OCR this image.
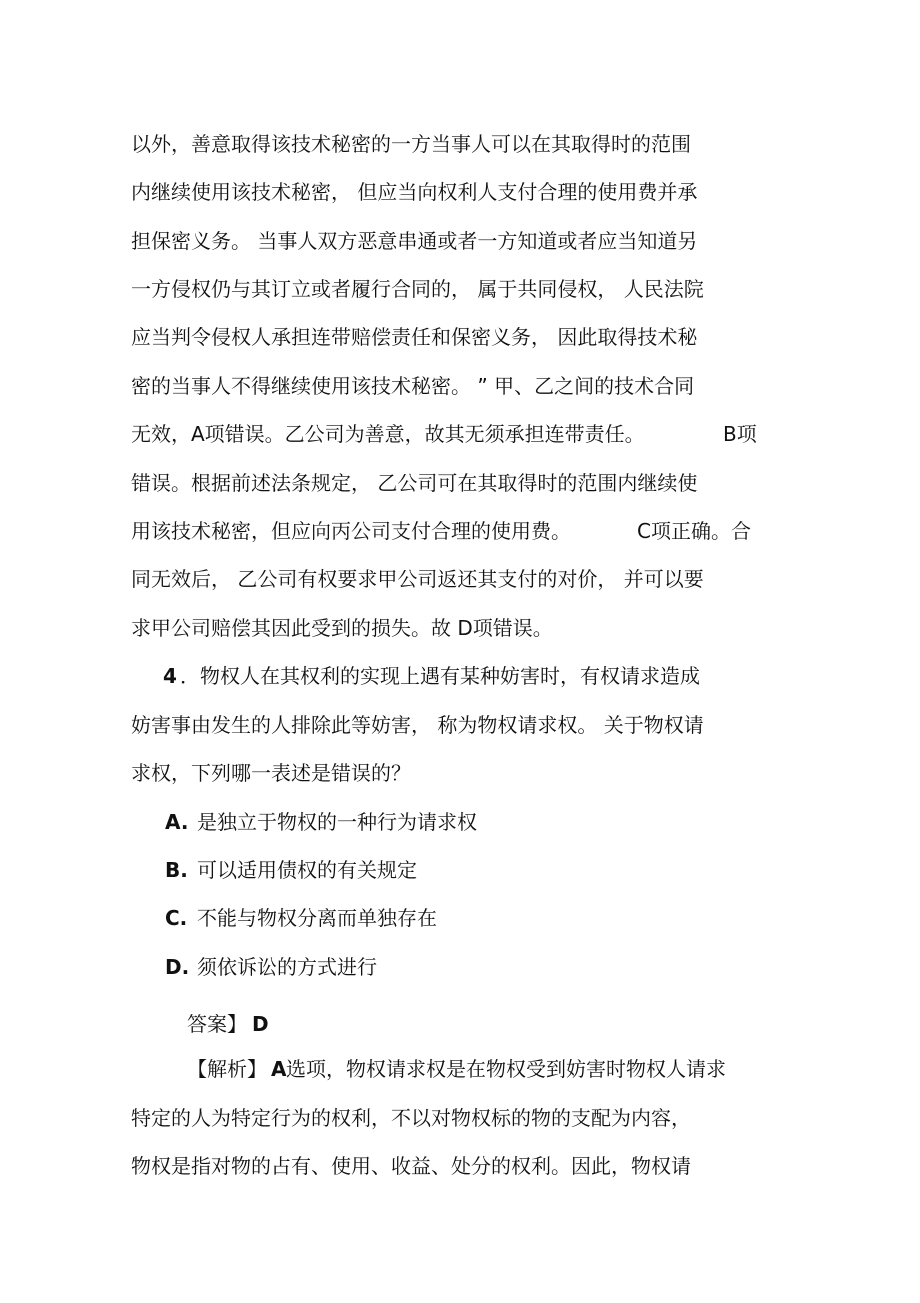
以外，善意取得该技术秘密的一方当事人可以在其取得时的范围
内继续使用该技术秘密， 但应当向权利人支付合理的使用费并承
担保密义务。 当事人双方恶意串通或者一方知道或者应当知道另
一方侵权仍与其订立或者履行合同的， 属于共同侵权， 人民法院
应当判令侵权人承担连带赔偿责任和保密义务， 因此取得技术秘
密的当事人不得继续使用该技术秘密。 ” 甲、乙之间的技术合同
无效，A项错误。乙公司为善意，故其无须承担连带责任。	B项
错误。根据前述法条规定， 乙公司可在其取得时的范围内继续使
用该技术秘密，但应向丙公司支付合理的使用费。	C项正确。合
同无效后， 乙公司有权要求甲公司返还其支付的对价， 并可以要
求甲公司赔偿其因此受到的损失。故 D项错误。
4 ．物权人在其权利的实现上遇有某种妨害时，有权请求造成
妨害事由发生的人排除此等妨害， 称为物权请求权。 关于物权请
求权，下列哪一表述是错误的？
A. 是独立于物权的一种行为请求权
B. 可以适用债权的有关规定
C. 不能与物权分离而单独存在
D. 须依诉讼的方式进行
答案】 D
【解析】 A 选项，物权请求权是在物权受到妨害时物权人请求
特定的人为特定行为的权利，不以对物权标的物的支配为内容，
物权是指对物的占有、使用、收益、处分的权利。因此，物权请
